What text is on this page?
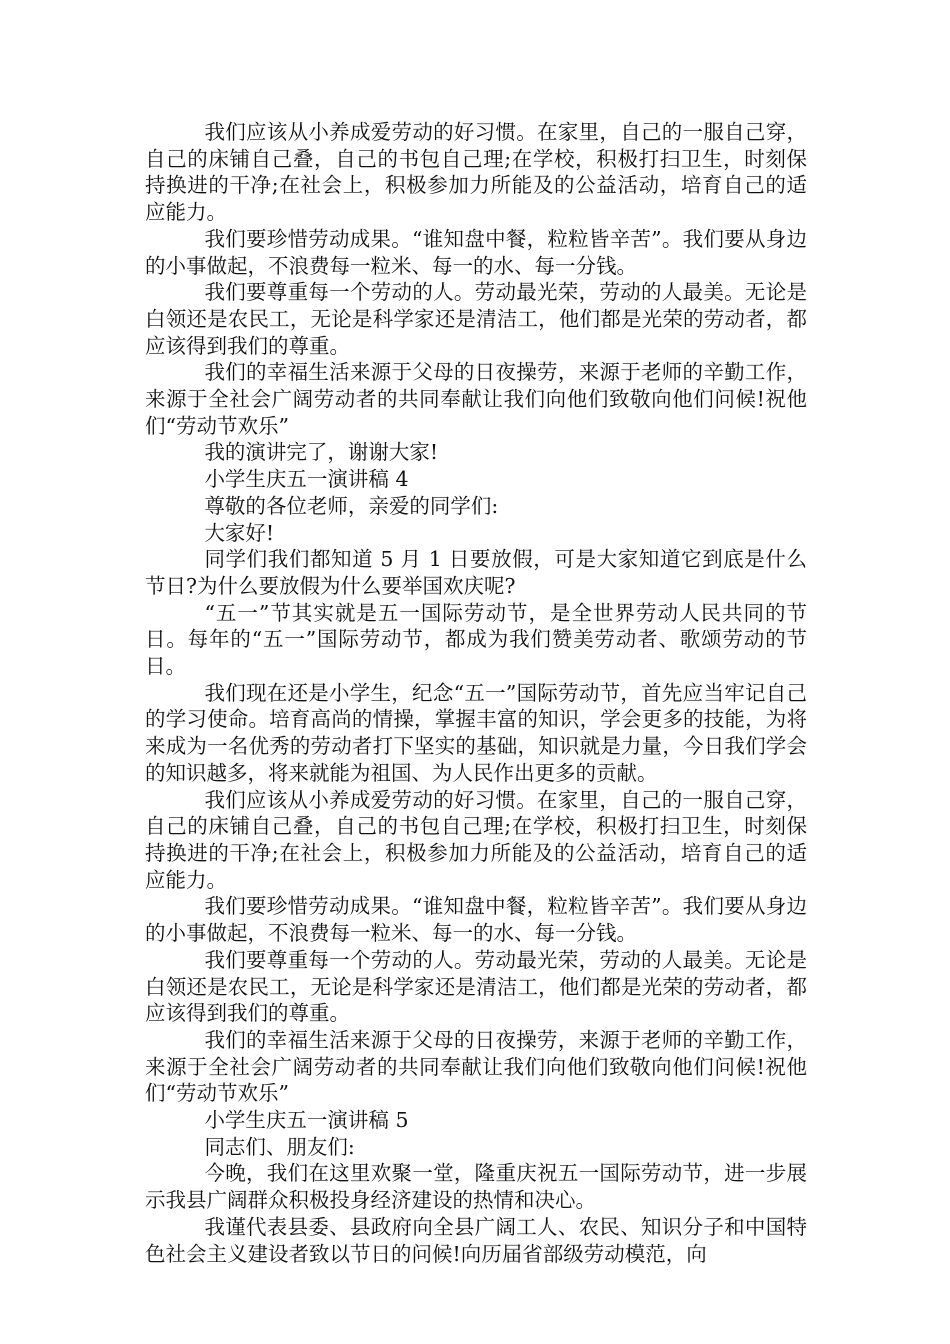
我们应该从小养成爱劳动的好习惯。在家里，自己的一服自己穿，自己的床铺自己叠，自己的书包自己理;在学校，积极打扫卫生，时刻保持换进的干净;在社会上，积极参加力所能及的公益活动，培育自己的适应能力。

我们要珍惜劳动成果。“谁知盘中餐，粒粒皆辛苦”。我们要从身边的小事做起，不浪费每一粒米、每一的水、每一分钱。

我们要尊重每一个劳动的人。劳动最光荣，劳动的人最美。无论是白领还是农民工，无论是科学家还是清洁工，他们都是光荣的劳动者，都应该得到我们的尊重。

我们的幸福生活来源于父母的日夜操劳，来源于老师的辛勤工作，来源于全社会广阔劳动者的共同奉献让我们向他们致敬向他们问候!祝他们“劳动节欢乐”

我的演讲完了，谢谢大家!

小学生庆五一演讲稿 4

尊敬的各位老师，亲爱的同学们:

大家好!

同学们我们都知道 5 月 1 日要放假，可是大家知道它到底是什么节日?为什么要放假为什么要举国欢庆呢?

“五一”节其实就是五一国际劳动节，是全世界劳动人民共同的节日。每年的“五一”国际劳动节，都成为我们赞美劳动者、歌颂劳动的节日。

我们现在还是小学生，纪念“五一”国际劳动节，首先应当牢记自己的学习使命。培育高尚的情操，掌握丰富的知识，学会更多的技能，为将来成为一名优秀的劳动者打下坚实的基础，知识就是力量，今日我们学会的知识越多，将来就能为祖国、为人民作出更多的贡献。

我们应该从小养成爱劳动的好习惯。在家里，自己的一服自己穿，自己的床铺自己叠，自己的书包自己理;在学校，积极打扫卫生，时刻保持换进的干净;在社会上，积极参加力所能及的公益活动，培育自己的适应能力。

我们要珍惜劳动成果。“谁知盘中餐，粒粒皆辛苦”。我们要从身边的小事做起，不浪费每一粒米、每一的水、每一分钱。

我们要尊重每一个劳动的人。劳动最光荣，劳动的人最美。无论是白领还是农民工，无论是科学家还是清洁工，他们都是光荣的劳动者，都应该得到我们的尊重。

我们的幸福生活来源于父母的日夜操劳，来源于老师的辛勤工作，来源于全社会广阔劳动者的共同奉献让我们向他们致敬向他们问候!祝他们“劳动节欢乐”

小学生庆五一演讲稿 5

同志们、朋友们:

今晚，我们在这里欢聚一堂，隆重庆祝五一国际劳动节，进一步展示我县广阔群众积极投身经济建设的热情和决心。

我谨代表县委、县政府向全县广阔工人、农民、知识分子和中国特色社会主义建设者致以节日的问候!向历届省部级劳动模范，向
